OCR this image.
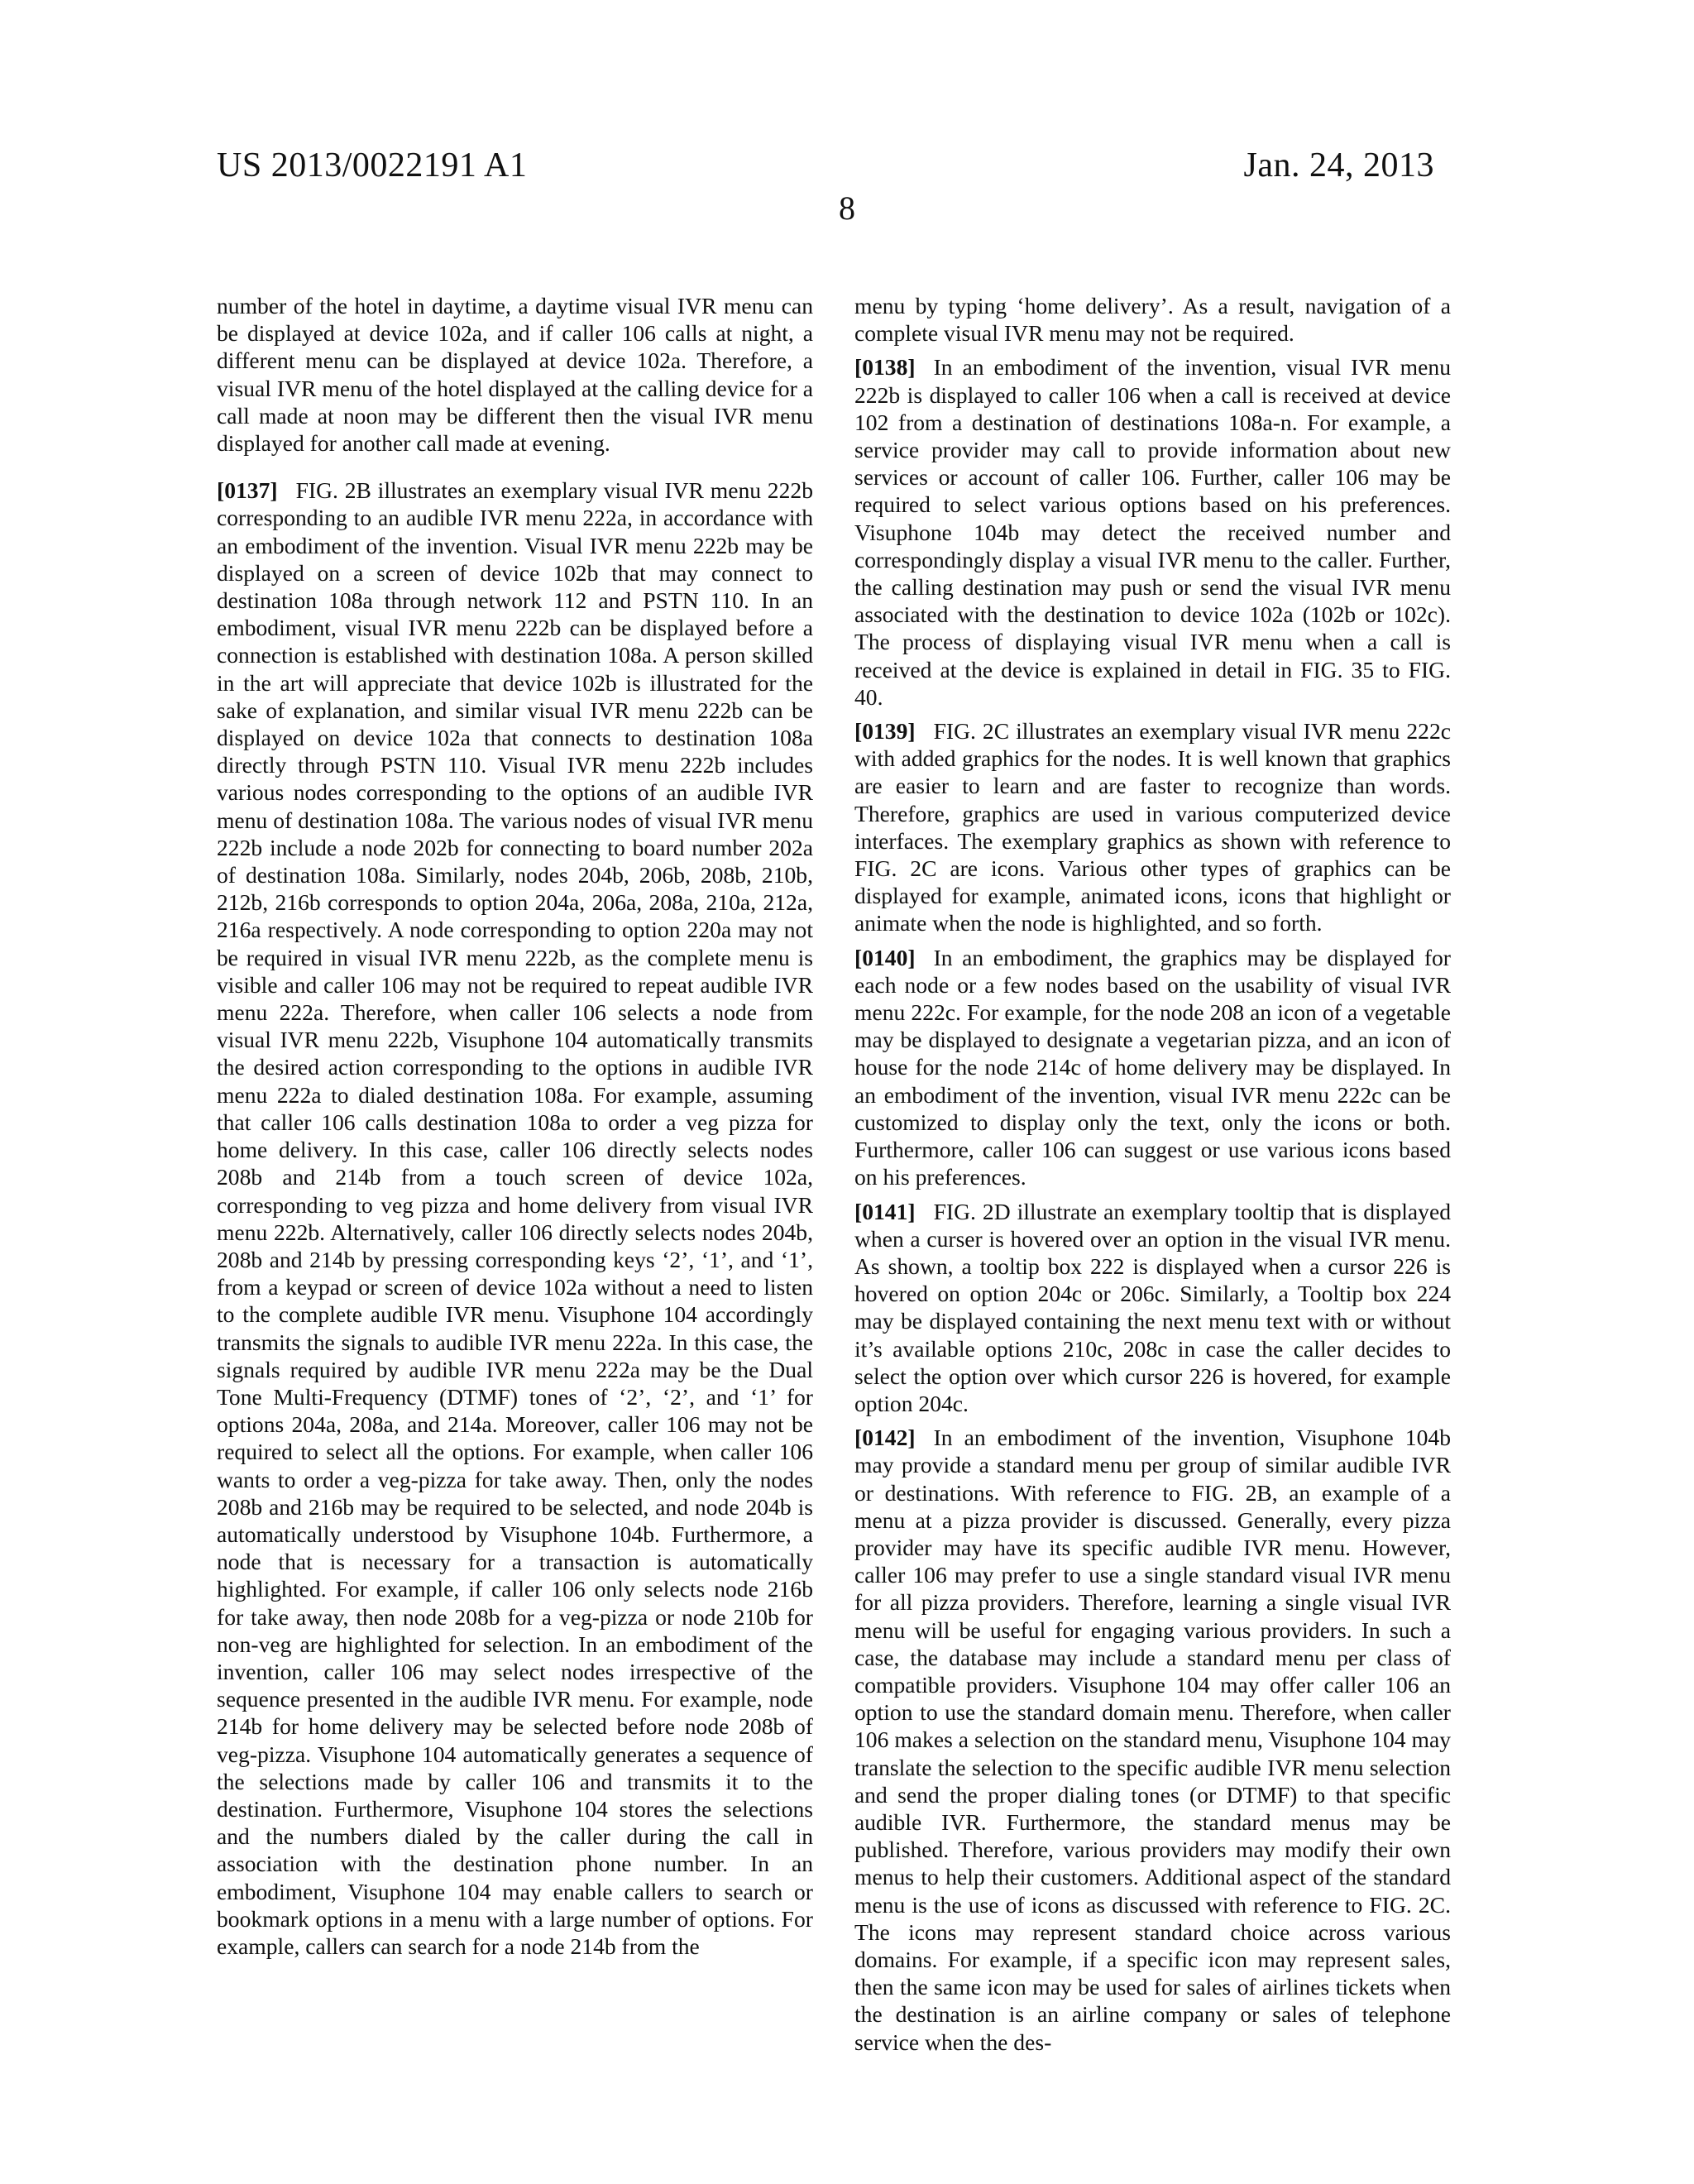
US 2013/0022191 A1	Jan. 24, 2013
8

number of the hotel in daytime, a daytime visual IVR menu can be displayed at device 102a, and if caller 106 calls at night, a different menu can be displayed at device 102a. Therefore, a visual IVR menu of the hotel displayed at the calling device for a call made at noon may be different then the visual IVR menu displayed for another call made at evening.

[0137] FIG. 2B illustrates an exemplary visual IVR menu 222b corresponding to an audible IVR menu 222a, in accordance with an embodiment of the invention. Visual IVR menu 222b may be displayed on a screen of device 102b that may connect to destination 108a through network 112 and PSTN 110. In an embodiment, visual IVR menu 222b can be displayed before a connection is established with destination 108a. A person skilled in the art will appreciate that device 102b is illustrated for the sake of explanation, and similar visual IVR menu 222b can be displayed on device 102a that connects to destination 108a directly through PSTN 110. Visual IVR menu 222b includes various nodes corresponding to the options of an audible IVR menu of destination 108a. The various nodes of visual IVR menu 222b include a node 202b for connecting to board number 202a of destination 108a. Similarly, nodes 204b, 206b, 208b, 210b, 212b, 216b corresponds to option 204a, 206a, 208a, 210a, 212a, 216a respectively. A node corresponding to option 220a may not be required in visual IVR menu 222b, as the complete menu is visible and caller 106 may not be required to repeat audible IVR menu 222a. Therefore, when caller 106 selects a node from visual IVR menu 222b, Visuphone 104 automatically transmits the desired action corresponding to the options in audible IVR menu 222a to dialed destination 108a. For example, assuming that caller 106 calls destination 108a to order a veg pizza for home delivery. In this case, caller 106 directly selects nodes 208b and 214b from a touch screen of device 102a, corresponding to veg pizza and home delivery from visual IVR menu 222b. Alternatively, caller 106 directly selects nodes 204b, 208b and 214b by pressing corresponding keys ‘2’, ‘1’, and ‘1’, from a keypad or screen of device 102a without a need to listen to the complete audible IVR menu. Visuphone 104 accordingly transmits the signals to audible IVR menu 222a. In this case, the signals required by audible IVR menu 222a may be the Dual Tone Multi-Frequency (DTMF) tones of ‘2’, ‘2’, and ‘1’ for options 204a, 208a, and 214a. Moreover, caller 106 may not be required to select all the options. For example, when caller 106 wants to order a veg-pizza for take away. Then, only the nodes 208b and 216b may be required to be selected, and node 204b is automatically understood by Visuphone 104b. Furthermore, a node that is necessary for a transaction is automatically highlighted. For example, if caller 106 only selects node 216b for take away, then node 208b for a veg-pizza or node 210b for non-veg are highlighted for selection. In an embodiment of the invention, caller 106 may select nodes irrespective of the sequence presented in the audible IVR menu. For example, node 214b for home delivery may be selected before node 208b of veg-pizza. Visuphone 104 automatically generates a sequence of the selections made by caller 106 and transmits it to the destination. Furthermore, Visuphone 104 stores the selections and the numbers dialed by the caller during the call in association with the destination phone number. In an embodiment, Visuphone 104 may enable callers to search or bookmark options in a menu with a large number of options. For example, callers can search for a node 214b from the

menu by typing ‘home delivery’. As a result, navigation of a complete visual IVR menu may not be required.

[0138] In an embodiment of the invention, visual IVR menu 222b is displayed to caller 106 when a call is received at device 102 from a destination of destinations 108a-n. For example, a service provider may call to provide information about new services or account of caller 106. Further, caller 106 may be required to select various options based on his preferences. Visuphone 104b may detect the received number and correspondingly display a visual IVR menu to the caller. Further, the calling destination may push or send the visual IVR menu associated with the destination to device 102a (102b or 102c). The process of displaying visual IVR menu when a call is received at the device is explained in detail in FIG. 35 to FIG. 40.

[0139] FIG. 2C illustrates an exemplary visual IVR menu 222c with added graphics for the nodes. It is well known that graphics are easier to learn and are faster to recognize than words. Therefore, graphics are used in various computerized device interfaces. The exemplary graphics as shown with reference to FIG. 2C are icons. Various other types of graphics can be displayed for example, animated icons, icons that highlight or animate when the node is highlighted, and so forth.

[0140] In an embodiment, the graphics may be displayed for each node or a few nodes based on the usability of visual IVR menu 222c. For example, for the node 208 an icon of a vegetable may be displayed to designate a vegetarian pizza, and an icon of house for the node 214c of home delivery may be displayed. In an embodiment of the invention, visual IVR menu 222c can be customized to display only the text, only the icons or both. Furthermore, caller 106 can suggest or use various icons based on his preferences.

[0141] FIG. 2D illustrate an exemplary tooltip that is displayed when a curser is hovered over an option in the visual IVR menu. As shown, a tooltip box 222 is displayed when a cursor 226 is hovered on option 204c or 206c. Similarly, a Tooltip box 224 may be displayed containing the next menu text with or without it’s available options 210c, 208c in case the caller decides to select the option over which cursor 226 is hovered, for example option 204c.

[0142] In an embodiment of the invention, Visuphone 104b may provide a standard menu per group of similar audible IVR or destinations. With reference to FIG. 2B, an example of a menu at a pizza provider is discussed. Generally, every pizza provider may have its specific audible IVR menu. However, caller 106 may prefer to use a single standard visual IVR menu for all pizza providers. Therefore, learning a single visual IVR menu will be useful for engaging various providers. In such a case, the database may include a standard menu per class of compatible providers. Visuphone 104 may offer caller 106 an option to use the standard domain menu. Therefore, when caller 106 makes a selection on the standard menu, Visuphone 104 may translate the selection to the specific audible IVR menu selection and send the proper dialing tones (or DTMF) to that specific audible IVR. Furthermore, the standard menus may be published. Therefore, various providers may modify their own menus to help their customers. Additional aspect of the standard menu is the use of icons as discussed with reference to FIG. 2C. The icons may represent standard choice across various domains. For example, if a specific icon may represent sales, then the same icon may be used for sales of airlines tickets when the destination is an airline company or sales of telephone service when the des-
